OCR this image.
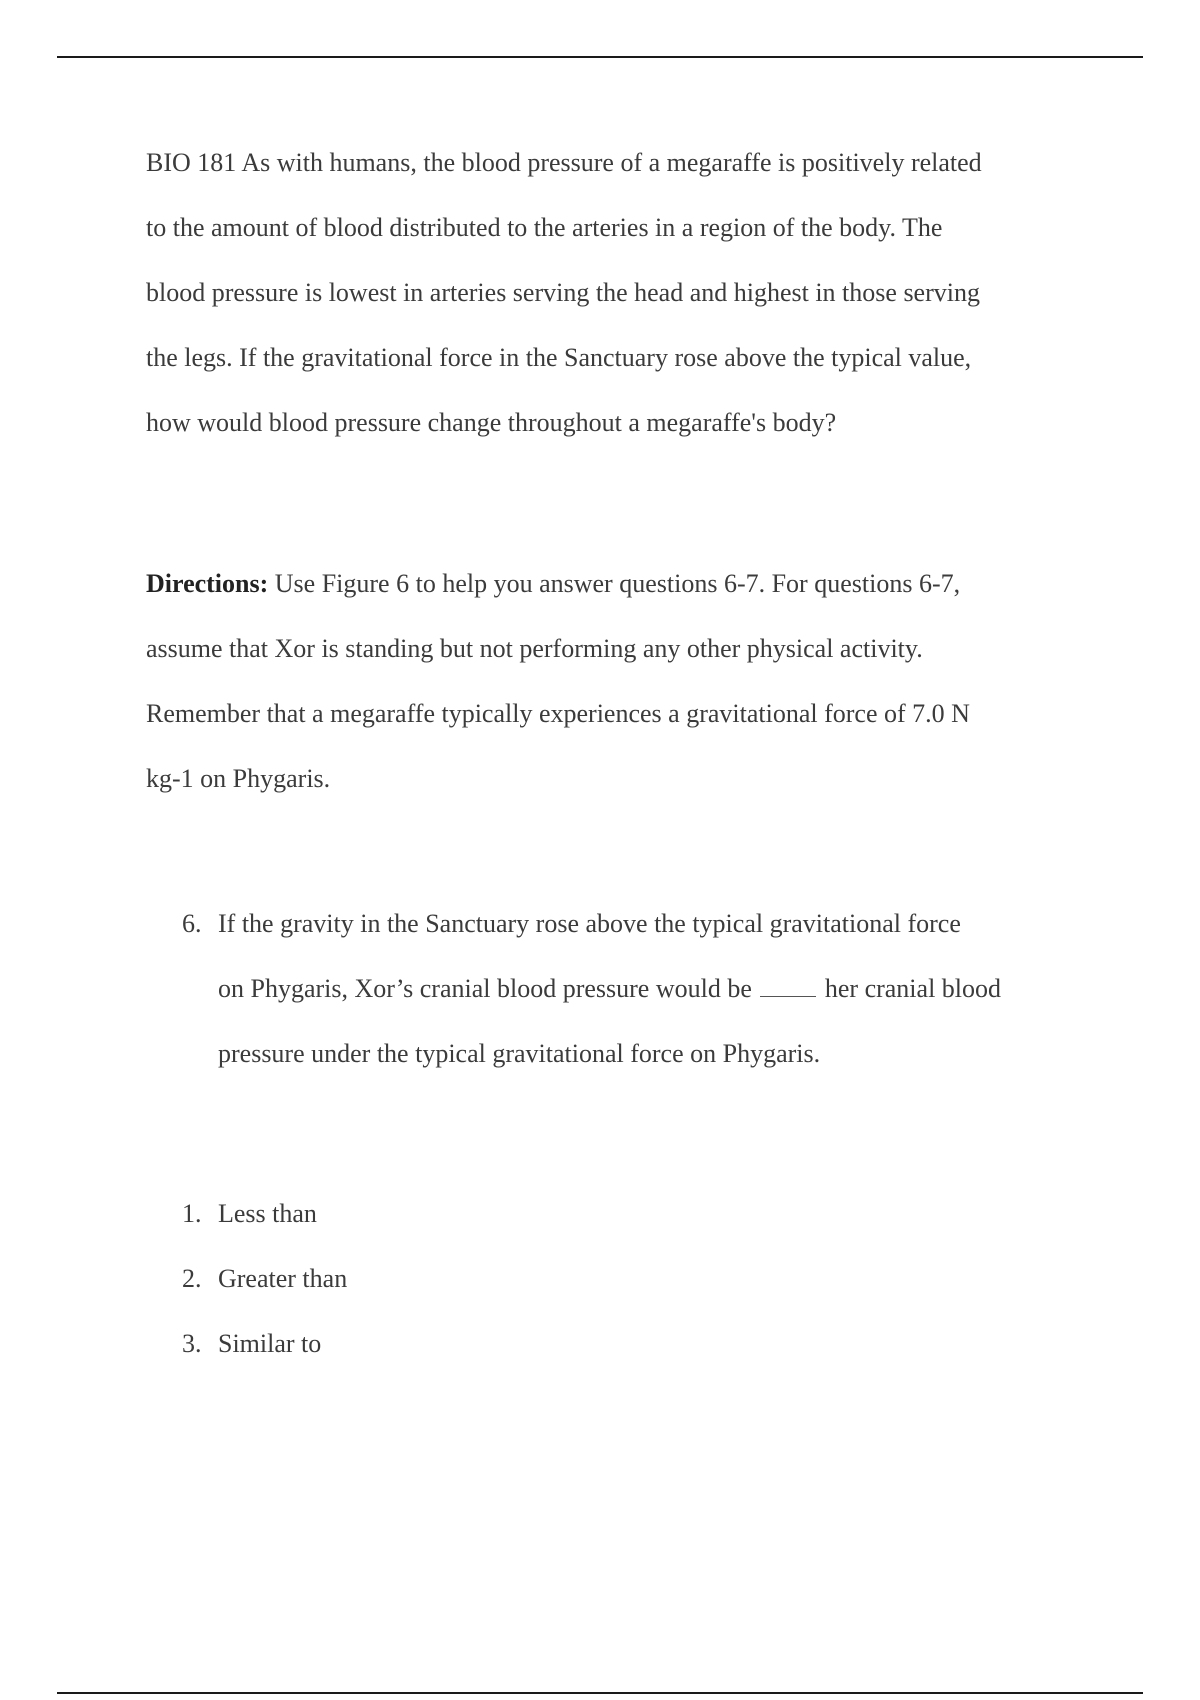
BIO 181 As with humans, the blood pressure of a megaraffe is positively related
to the amount of blood distributed to the arteries in a region of the body. The
blood pressure is lowest in arteries serving the head and highest in those serving
the legs. If the gravitational force in the Sanctuary rose above the typical value,
how would blood pressure change throughout a megaraffe's body?
Directions: Use Figure 6 to help you answer questions 6-7. For questions 6-7,
assume that Xor is standing but not performing any other physical activity.
Remember that a megaraffe typically experiences a gravitational force of 7.0 N
kg-1 on Phygaris.
6. If the gravity in the Sanctuary rose above the typical gravitational force
on Phygaris, Xor’s cranial blood pressure would be	her cranial blood
pressure under the typical gravitational force on Phygaris.
1. Less than
2. Greater than
3. Similar to
